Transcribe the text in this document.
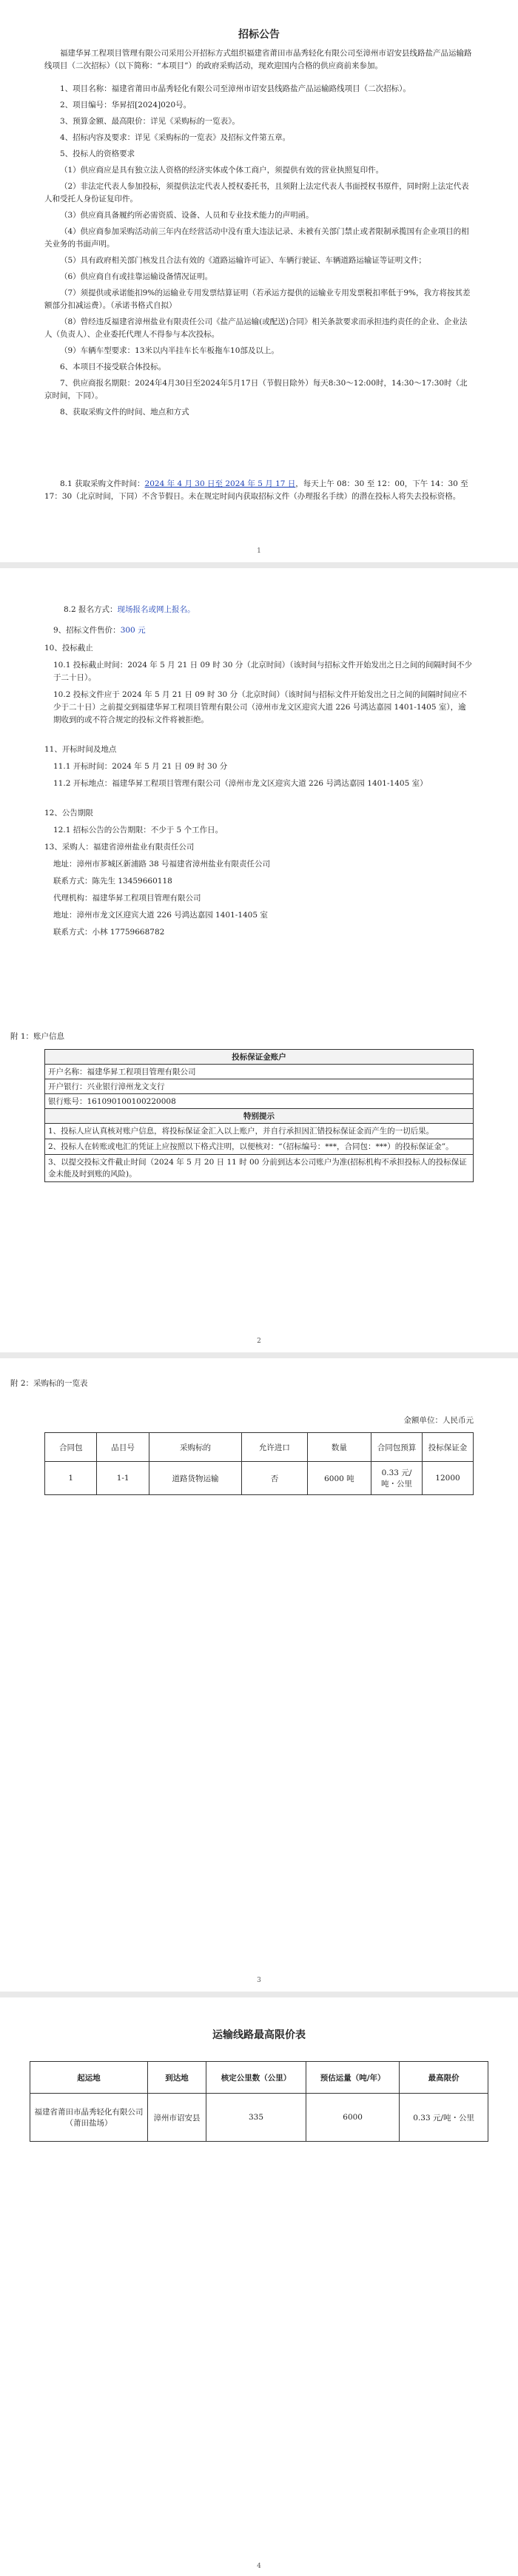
招标公告
福建华昇工程项目管理有限公司采用公开招标方式组织福建省莆田市晶秀轻化有限公司至漳州市诏安县线路盐产品运输路线项目（二次招标）（以下简称：“本项目”）的政府采购活动，现欢迎国内合格的供应商前来参加。
1、项目名称：福建省莆田市晶秀轻化有限公司至漳州市诏安县线路盐产品运输路线项目（二次招标）。
2、项目编号：华昇招[2024]020号。
3、预算金额、最高限价：详见《采购标的一览表》。
4、招标内容及要求：详见《采购标的一览表》及招标文件第五章。
5、投标人的资格要求
（1）供应商应是具有独立法人资格的经济实体或个体工商户，须提供有效的营业执照复印件。
（2）非法定代表人参加投标，须提供法定代表人授权委托书，且须附上法定代表人书面授权书原件，同时附上法定代表人和受托人身份证复印件。
（3）供应商具备履约所必需资质、设备、人员和专业技术能力的声明函。
（4）供应商参加采购活动前三年内在经营活动中没有重大违法记录、未被有关部门禁止或者限制承揽国有企业项目的相关业务的书面声明。
（5）具有政府相关部门核发且合法有效的《道路运输许可证》、车辆行驶证、车辆道路运输证等证明文件；
（6）供应商自有或挂靠运输设备情况证明。
（7）须提供或承诺能扣9%的运输业专用发票结算证明（若承运方提供的运输业专用发票税扣率低于9%，我方将按其差额部分扣减运费）。（承诺书格式自拟）
（8）曾经违反福建省漳州盐业有限责任公司《盐产品运输(或配送)合同》相关条款要求而承担违约责任的企业、企业法人（负责人）、企业委托代理人不得参与本次投标。
（9）车辆车型要求：13米以内半挂车长车板拖车10部及以上。
6、本项目不接受联合体投标。
7、供应商报名期限：2024年4月30日至2024年5月17日（节假日除外）每天8:30～12:00时，14:30～17:30时（北京时间，下同）。
8、获取采购文件的时间、地点和方式
8.1 获取采购文件时间：2024 年 4 月 30 日至 2024 年 5 月 17 日，每天上午 08：30 至 12：00，下午 14：30 至 17：30（北京时间，下同）不含节假日。未在规定时间内获取招标文件（办理报名手续）的潜在投标人将失去投标资格。
1
8.2 报名方式：现场报名或网上报名。
9、招标文件售价：300 元
10、投标截止
10.1 投标截止时间：2024 年 5 月 21 日 09 时 30 分（北京时间）（该时间与招标文件开始发出之日之间的间隔时间不少于二十日）。
10.2 投标文件应于 2024 年 5 月 21 日 09 时 30 分（北京时间）（该时间与招标文件开始发出之日之间的间隔时间应不少于二十日）之前提交到福建华昇工程项目管理有限公司（漳州市龙文区迎宾大道 226 号鸿达嘉园 1401-1405 室），逾期收到的或不符合规定的投标文件将被拒绝。
11、开标时间及地点
11.1 开标时间：2024 年 5 月 21 日 09 时 30 分
11.2 开标地点：福建华昇工程项目管理有限公司（漳州市龙文区迎宾大道 226 号鸿达嘉园 1401-1405 室）
12、公告期限
12.1 招标公告的公告期限：不少于 5 个工作日。
13、采购人：福建省漳州盐业有限责任公司
地址：漳州市芗城区新浦路 38 号福建省漳州盐业有限责任公司
联系方式：陈先生 13459660118
代理机构：福建华昇工程项目管理有限公司
地址：漳州市龙文区迎宾大道 226 号鸿达嘉园 1401-1405 室
联系方式：小林 17759668782
附 1：账户信息
投标保证金账户
开户名称：福建华昇工程项目管理有限公司
开户银行：兴业银行漳州龙文支行
银行账号：161090100100220008
特别提示
1、投标人应认真核对账户信息，将投标保证金汇入以上账户，并自行承担因汇错投标保证金而产生的一切后果。
2、投标人在转账或电汇的凭证上应按照以下格式注明，以便核对：“（招标编号：***，合同包：***）的投标保证金”。
3、以提交投标文件截止时间（2024 年 5 月 20 日 11 时 00 分前到达本公司账户为准(招标机构不承担投标人的投标保证金未能及时到账的风险)。
2
附 2：采购标的一览表
金额单位：人民币元
合同包	品目号	采购标的	允许进口	数量	合同包预算	投标保证金
1	1-1	道路货物运输	否	6000 吨	0.33 元/吨・公里	12000
3
运输线路最高限价表
起运地	到达地	核定公里数（公里）	预估运量（吨/年）	最高限价
福建省莆田市晶秀轻化有限公司（莆田盐场）	漳州市诏安县	335	6000	0.33 元/吨・公里
4
